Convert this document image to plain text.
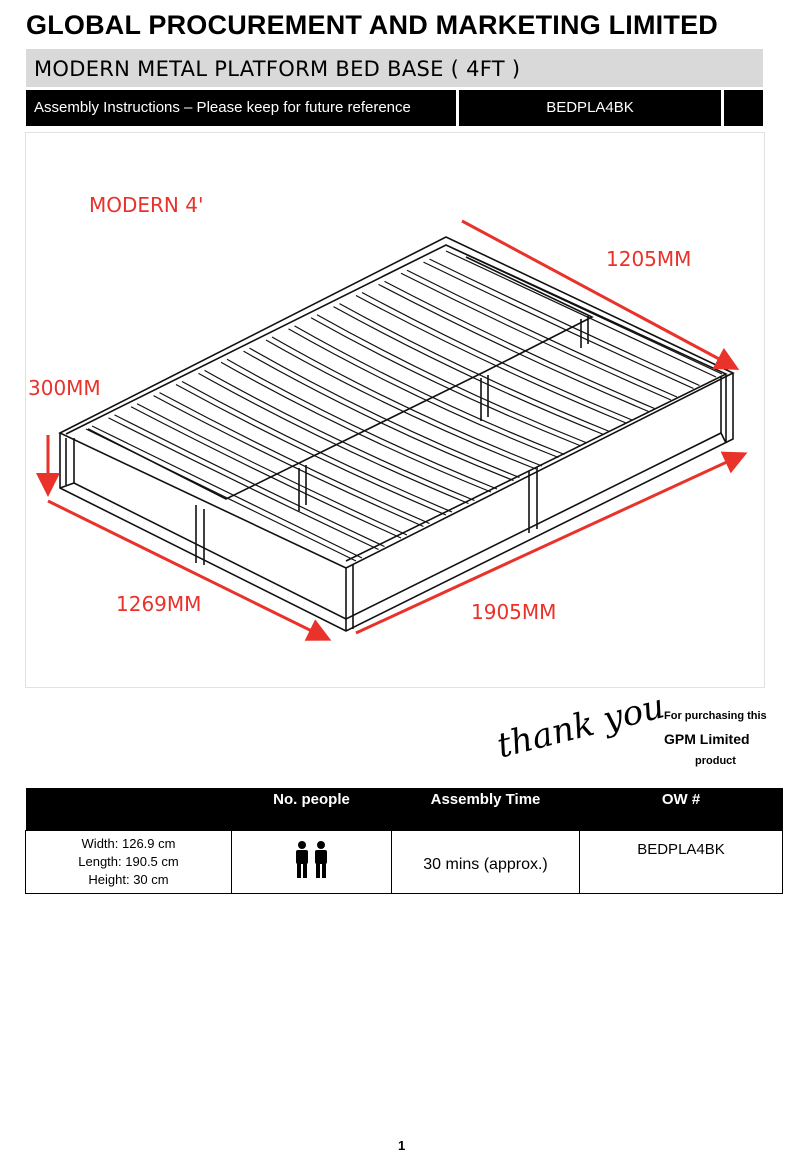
GLOBAL PROCUREMENT AND MARKETING LIMITED
MODERN METAL PLATFORM BED BASE ( 4FT )
Assembly Instructions – Please keep for future reference	BEDPLA4BK
MODERN 4'
1205MM
300MM
1269MM	1905MM
thank you
For purchasing this
GPM Limited
product
	No. people	Assembly Time	OW #

Width: 126.9 cm
Length: 190.5 cm
Height: 30 cm		30 mins (approx.)	BEDPLA4BK
1
